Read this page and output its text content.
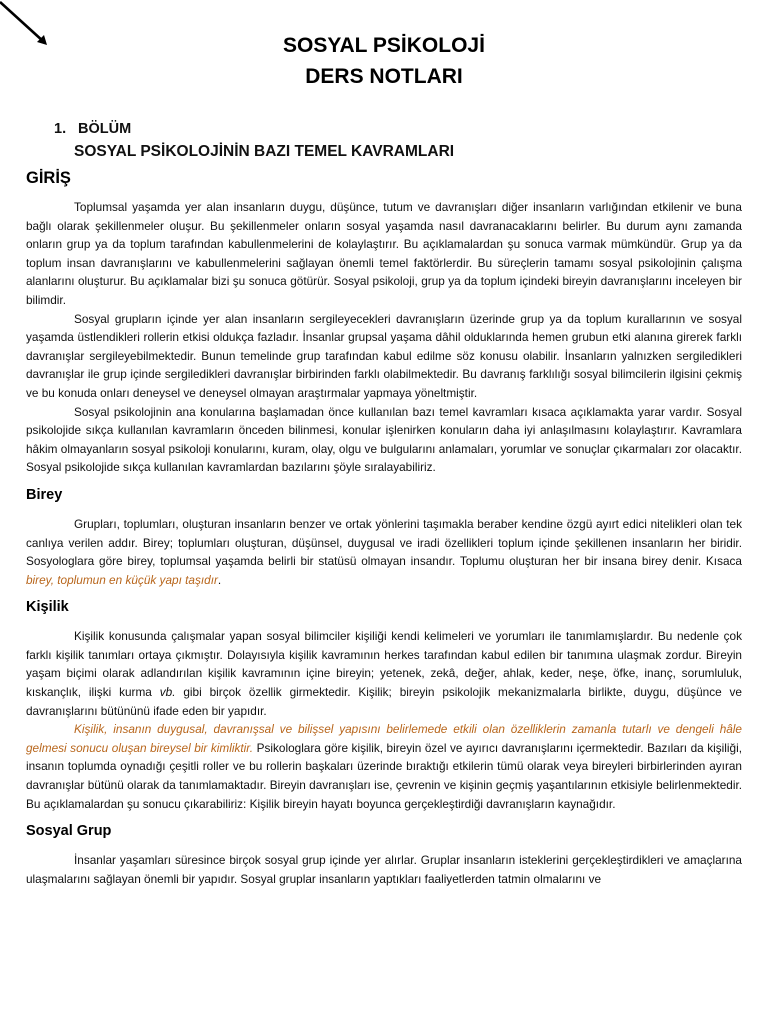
SOSYAL PSİKOLOJİ
DERS NOTLARI
1. BÖLÜM
SOSYAL PSİKOLOJİNİN BAZI TEMEL KAVRAMLARI
GİRİŞ

Toplumsal yaşamda yer alan insanların duygu, düşünce, tutum ve davranışları diğer insanların varlığından etkilenir ve buna bağlı olarak şekillenmeler oluşur. Bu şekillenmeler onların sosyal yaşamda nasıl davranacaklarını belirler. Bu durum aynı zamanda onların grup ya da toplum tarafından kabullenmelerini de kolaylaştırır. Bu açıklamalardan şu sonuca varmak mümkündür. Grup ya da toplum insan davranışlarını ve kabullenmelerini sağlayan önemli temel faktörlerdir. Bu süreçlerin tamamı sosyal psikolojinin çalışma alanlarını oluşturur. Bu açıklamalar bizi şu sonuca götürür. Sosyal psikoloji, grup ya da toplum içindeki bireyin davranışlarını inceleyen bir bilimdir.

Sosyal grupların içinde yer alan insanların sergileyecekleri davranışların üzerinde grup ya da toplum kurallarının ve sosyal yaşamda üstlendikleri rollerin etkisi oldukça fazladır. İnsanlar grupsal yaşama dâhil olduklarında hemen grubun etki alanına girerek farklı davranışlar sergileyebilmektedir. Bunun temelinde grup tarafından kabul edilme söz konusu olabilir. İnsanların yalnızken sergiledikleri davranışlar ile grup içinde sergiledikleri davranışlar birbirinden farklı olabilmektedir. Bu davranış farklılığı sosyal bilimcilerin ilgisini çekmiş ve bu konuda onları deneysel ve deneysel olmayan araştırmalar yapmaya yöneltmiştir.

Sosyal psikolojinin ana konularına başlamadan önce kullanılan bazı temel kavramları kısaca açıklamakta yarar vardır. Sosyal psikolojide sıkça kullanılan kavramların önceden bilinmesi, konular işlenirken konuların daha iyi anlaşılmasını kolaylaştırır. Kavramlara hâkim olmayanların sosyal psikoloji konularını, kuram, olay, olgu ve bulgularını anlamaları, yorumlar ve sonuçlar çıkarmaları zor olacaktır. Sosyal psikolojide sıkça kullanılan kavramlardan bazılarını şöyle sıralayabiliriz.

Birey

Grupları, toplumları, oluşturan insanların benzer ve ortak yönlerini taşımakla beraber kendine özgü ayırt edici nitelikleri olan tek canlıya verilen addır. Birey; toplumları oluşturan, düşünsel, duygusal ve iradi özellikleri toplum içinde şekillenen insanların her biridir. Sosyologlara göre birey, toplumsal yaşamda belirli bir statüsü olmayan insandır. Toplumu oluşturan her bir insana birey denir. Kısaca birey, toplumun en küçük yapı taşıdır.

Kişilik

Kişilik konusunda çalışmalar yapan sosyal bilimciler kişiliği kendi kelimeleri ve yorumları ile tanımlamışlardır. Bu nedenle çok farklı kişilik tanımları ortaya çıkmıştır. Dolayısıyla kişilik kavramının herkes tarafından kabul edilen bir tanımına ulaşmak zordur. Bireyin yaşam biçimi olarak adlandırılan kişilik kavramının içine bireyin; yetenek, zekâ, değer, ahlak, keder, neşe, öfke, inanç, sorumluluk, kıskançlık, ilişki kurma vb. gibi birçok özellik girmektedir. Kişilik; bireyin psikolojik mekanizmalarla birlikte, duygu, düşünce ve davranışlarını bütününü ifade eden bir yapıdır.

Kişilik, insanın duygusal, davranışsal ve bilişsel yapısını belirlemede etkili olan özelliklerin zamanla tutarlı ve dengeli hâle gelmesi sonucu oluşan bireysel bir kimliktir. Psikologlara göre kişilik, bireyin özel ve ayırıcı davranışlarını içermektedir. Bazıları da kişiliği, insanın toplumda oynadığı çeşitli roller ve bu rollerin başkaları üzerinde bıraktığı etkilerin tümü olarak veya bireyleri birbirlerinden ayıran davranışlar bütünü olarak da tanımlamaktadır. Bireyin davranışları ise, çevrenin ve kişinin geçmiş yaşantılarının etkisiyle belirlenmektedir. Bu açıklamalardan şu sonucu çıkarabiliriz: Kişilik bireyin hayatı boyunca gerçekleştirdiği davranışların kaynağıdır.

Sosyal Grup

İnsanlar yaşamları süresince birçok sosyal grup içinde yer alırlar. Gruplar insanların isteklerini gerçekleştirdikleri ve amaçlarına ulaşmalarını sağlayan önemli bir yapıdır. Sosyal gruplar insanların yaptıkları faaliyetlerden tatmin olmalarını ve
